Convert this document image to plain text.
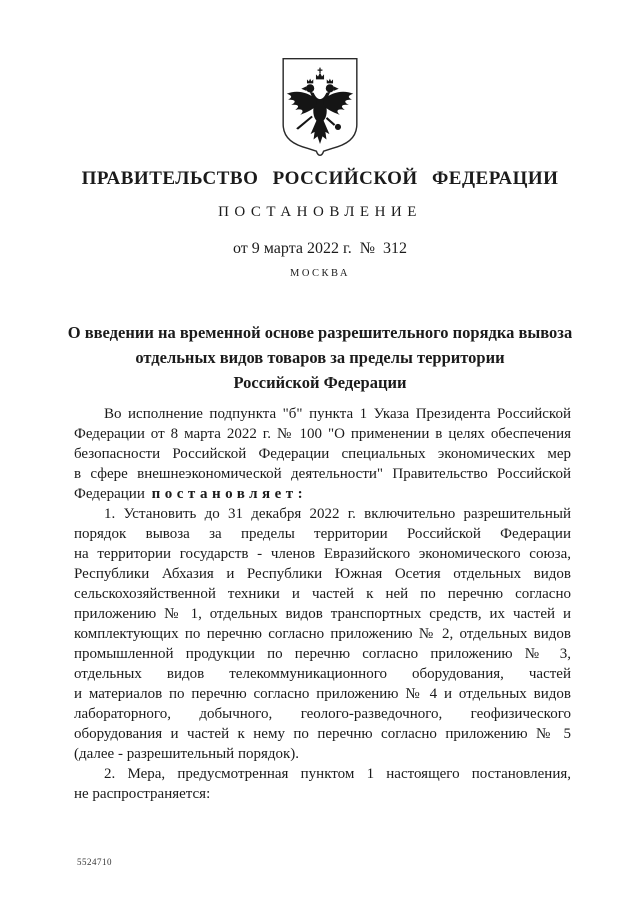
ПРАВИТЕЛЬСТВО РОССИЙСКОЙ ФЕДЕРАЦИИ
ПОСТАНОВЛЕНИЕ
от 9 марта 2022 г.  №  312
МОСКВА
О введении на временной основе разрешительного порядка вывоза
отдельных видов товаров за пределы территории
Российской Федерации
Во исполнение подпункта "б" пункта 1 Указа Президента Российской
Федерации от 8 марта 2022 г. № 100 "О применении в целях обеспечения
безопасности Российской Федерации специальных экономических мер
в сфере внешнеэкономической деятельности" Правительство Российской
Федерации постановляет:
1. Установить до 31 декабря 2022 г. включительно разрешительный
порядок вывоза за пределы территории Российской Федерации
на территории государств - членов Евразийского экономического союза,
Республики Абхазия и Республики Южная Осетия отдельных видов
сельскохозяйственной техники и частей к ней по перечню согласно
приложению № 1, отдельных видов транспортных средств, их частей и
комплектующих по перечню согласно приложению № 2, отдельных видов
промышленной продукции по перечню согласно приложению № 3,
отдельных видов телекоммуникационного оборудования, частей
и материалов по перечню согласно приложению № 4 и отдельных видов
лабораторного, добычного, геолого-разведочного, геофизического
оборудования и частей к нему по перечню согласно приложению № 5
(далее - разрешительный порядок).
2. Мера, предусмотренная пунктом 1 настоящего постановления,
не распространяется:
5524710
